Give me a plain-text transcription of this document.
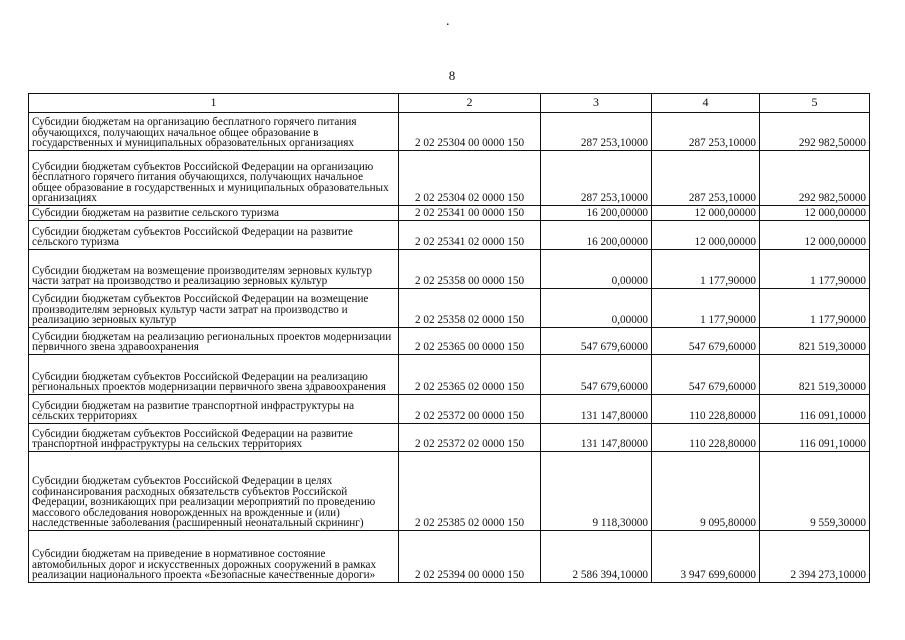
.
8
1	2	3	4	5
Субсидии бюджетам на организацию бесплатного горячего питания обучающихся, получающих начальное общее образование в государственных и муниципальных образовательных организациях	2 02 25304 00 0000 150	287 253,10000	287 253,10000	292 982,50000
Субсидии бюджетам субъектов Российской Федерации на организацию бесплатного горячего питания обучающихся, получающих начальное общее образование в государственных и муниципальных образовательных организациях	2 02 25304 02 0000 150	287 253,10000	287 253,10000	292 982,50000
Субсидии бюджетам на развитие сельского туризма	2 02 25341 00 0000 150	16 200,00000	12 000,00000	12 000,00000
Субсидии бюджетам субъектов Российской Федерации на развитие сельского туризма	2 02 25341 02 0000 150	16 200,00000	12 000,00000	12 000,00000
Субсидии бюджетам на возмещение производителям зерновых культур части затрат на производство и реализацию зерновых культур	2 02 25358 00 0000 150	0,00000	1 177,90000	1 177,90000
Субсидии бюджетам субъектов Российской Федерации на возмещение производителям зерновых культур части затрат на производство и реализацию зерновых культур	2 02 25358 02 0000 150	0,00000	1 177,90000	1 177,90000
Субсидии бюджетам на реализацию региональных проектов модернизации первичного звена здравоохранения	2 02 25365 00 0000 150	547 679,60000	547 679,60000	821 519,30000
Субсидии бюджетам субъектов Российской Федерации на реализацию региональных проектов модернизации первичного звена здравоохранения	2 02 25365 02 0000 150	547 679,60000	547 679,60000	821 519,30000
Субсидии бюджетам на развитие транспортной инфраструктуры на сельских территориях	2 02 25372 00 0000 150	131 147,80000	110 228,80000	116 091,10000
Субсидии бюджетам субъектов Российской Федерации на развитие транспортной инфраструктуры на сельских территориях	2 02 25372 02 0000 150	131 147,80000	110 228,80000	116 091,10000
Субсидии бюджетам субъектов Российской Федерации в целях софинансирования расходных обязательств субъектов Российской Федерации, возникающих при реализации мероприятий по проведению массового обследования новорожденных на врожденные и (или) наследственные заболевания (расширенный неонатальный скрининг)	2 02 25385 02 0000 150	9 118,30000	9 095,80000	9 559,30000
Субсидии бюджетам на приведение в нормативное состояние автомобильных дорог и искусственных дорожных сооружений в рамках реализации национального проекта «Безопасные качественные дороги»	2 02 25394 00 0000 150	2 586 394,10000	3 947 699,60000	2 394 273,10000
